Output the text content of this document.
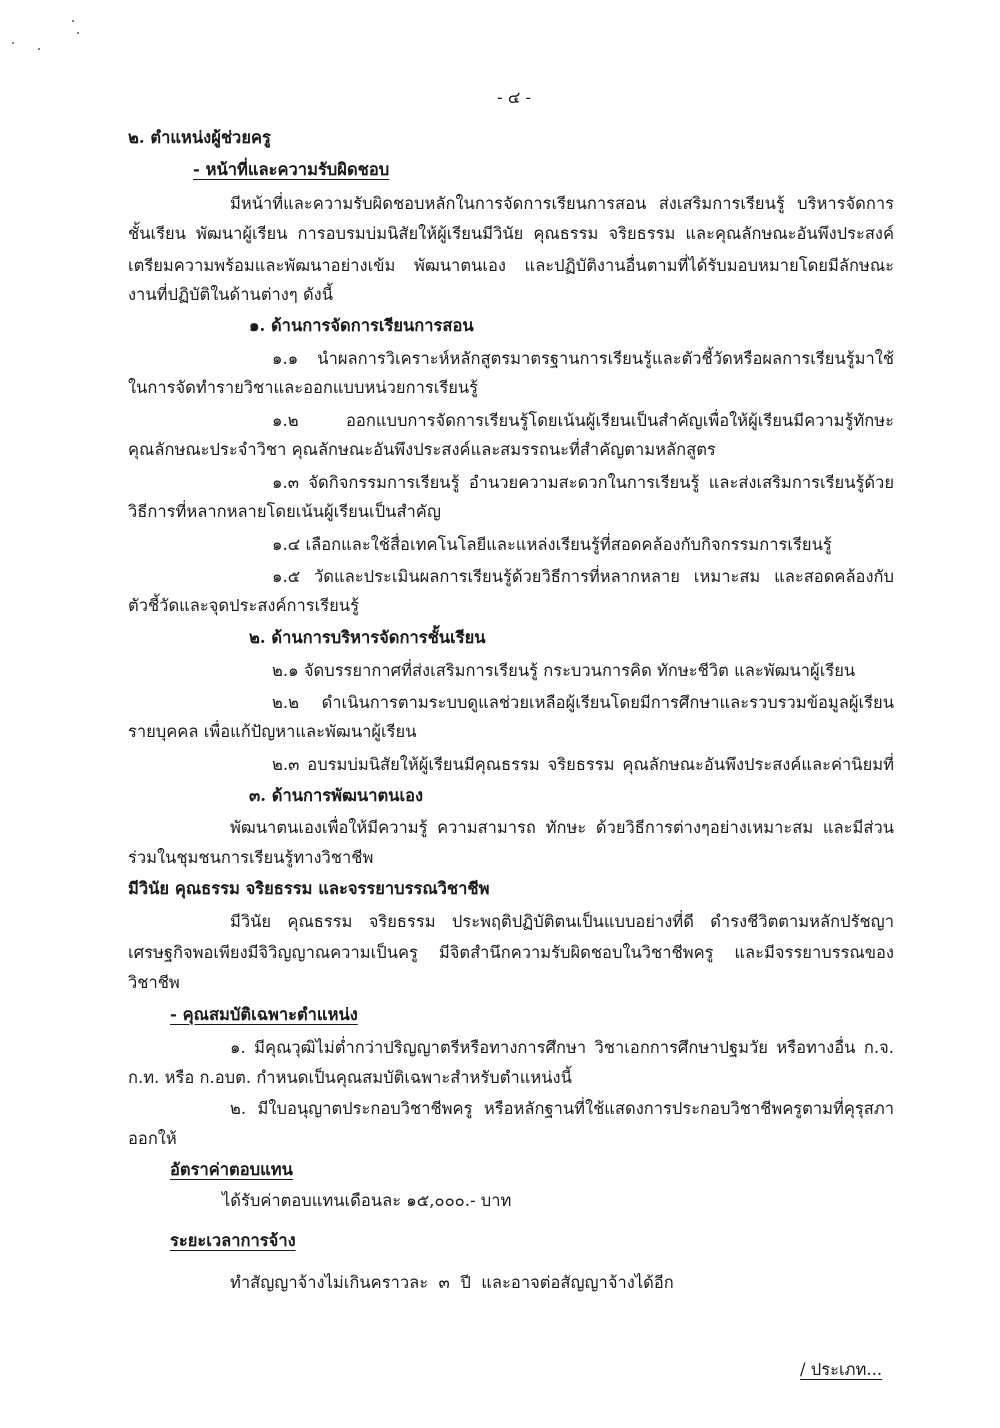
- ๔ -
๒. ตำแหน่งผู้ช่วยครู
- หน้าที่และความรับผิดชอบ
มีหน้าที่และความรับผิดชอบหลักในการจัดการเรียนการสอน ส่งเสริมการเรียนรู้ บริหารจัดการ
ชั้นเรียน พัฒนาผู้เรียน การอบรมบ่มนิสัยให้ผู้เรียนมีวินัย คุณธรรม จริยธรรม และคุณลักษณะอันพึงประสงค์
เตรียมความพร้อมและพัฒนาอย่างเข้ม พัฒนาตนเอง และปฏิบัติงานอื่นตามที่ได้รับมอบหมายโดยมีลักษณะ
งานที่ปฏิบัติในด้านต่างๆ ดังนี้
๑. ด้านการจัดการเรียนการสอน
๑.๑ นำผลการวิเคราะห์หลักสูตรมาตรฐานการเรียนรู้และตัวชี้วัดหรือผลการเรียนรู้มาใช้
ในการจัดทำรายวิชาและออกแบบหน่วยการเรียนรู้
๑.๒ ออกแบบการจัดการเรียนรู้โดยเน้นผู้เรียนเป็นสำคัญเพื่อให้ผู้เรียนมีความรู้ทักษะ
คุณลักษณะประจำวิชา คุณลักษณะอันพึงประสงค์และสมรรถนะที่สำคัญตามหลักสูตร
๑.๓ จัดกิจกรรมการเรียนรู้ อำนวยความสะดวกในการเรียนรู้ และส่งเสริมการเรียนรู้ด้วย
วิธีการที่หลากหลายโดยเน้นผู้เรียนเป็นสำคัญ
๑.๔ เลือกและใช้สื่อเทคโนโลยีและแหล่งเรียนรู้ที่สอดคล้องกับกิจกรรมการเรียนรู้
๑.๕ วัดและประเมินผลการเรียนรู้ด้วยวิธีการที่หลากหลาย เหมาะสม และสอดคล้องกับ
ตัวชี้วัดและจุดประสงค์การเรียนรู้
๒. ด้านการบริหารจัดการชั้นเรียน
๒.๑ จัดบรรยากาศที่ส่งเสริมการเรียนรู้ กระบวนการคิด ทักษะชีวิต และพัฒนาผู้เรียน
๒.๒ ดำเนินการตามระบบดูแลช่วยเหลือผู้เรียนโดยมีการศึกษาและรวบรวมข้อมูลผู้เรียน
รายบุคคล เพื่อแก้ปัญหาและพัฒนาผู้เรียน
๒.๓ อบรมบ่มนิสัยให้ผู้เรียนมีคุณธรรม จริยธรรม คุณลักษณะอันพึงประสงค์และค่านิยมที่
๓. ด้านการพัฒนาตนเอง
พัฒนาตนเองเพื่อให้มีความรู้ ความสามารถ ทักษะ ด้วยวิธีการต่างๆอย่างเหมาะสม และมีส่วน
ร่วมในชุมชนการเรียนรู้ทางวิชาชีพ
มีวินัย คุณธรรม จริยธรรม และจรรยาบรรณวิชาชีพ
มีวินัย คุณธรรม จริยธรรม ประพฤติปฏิบัติตนเป็นแบบอย่างที่ดี ดำรงชีวิตตามหลักปรัชญา
เศรษฐกิจพอเพียงมีจิวิญญาณความเป็นครู มีจิตสำนึกความรับผิดชอบในวิชาชีพครู และมีจรรยาบรรณของ
วิชาชีพ
- คุณสมบัติเฉพาะตำแหน่ง
๑. มีคุณวุฒิไม่ต่ำกว่าปริญญาตรีหรือทางการศึกษา วิชาเอกการศึกษาปฐมวัย หรือทางอื่น ก.จ.
ก.ท. หรือ ก.อบต. กำหนดเป็นคุณสมบัติเฉพาะสำหรับตำแหน่งนี้
๒. มีใบอนุญาตประกอบวิชาชีพครู หรือหลักฐานที่ใช้แสดงการประกอบวิชาชีพครูตามที่คุรุสภา
ออกให้
อัตราค่าตอบแทน
ได้รับค่าตอบแทนเดือนละ ๑๕,๐๐๐.- บาท
ระยะเวลาการจ้าง
ทำสัญญาจ้างไม่เกินคราวละ  ๓  ปี  และอาจต่อสัญญาจ้างได้อีก
/ ประเภท...
